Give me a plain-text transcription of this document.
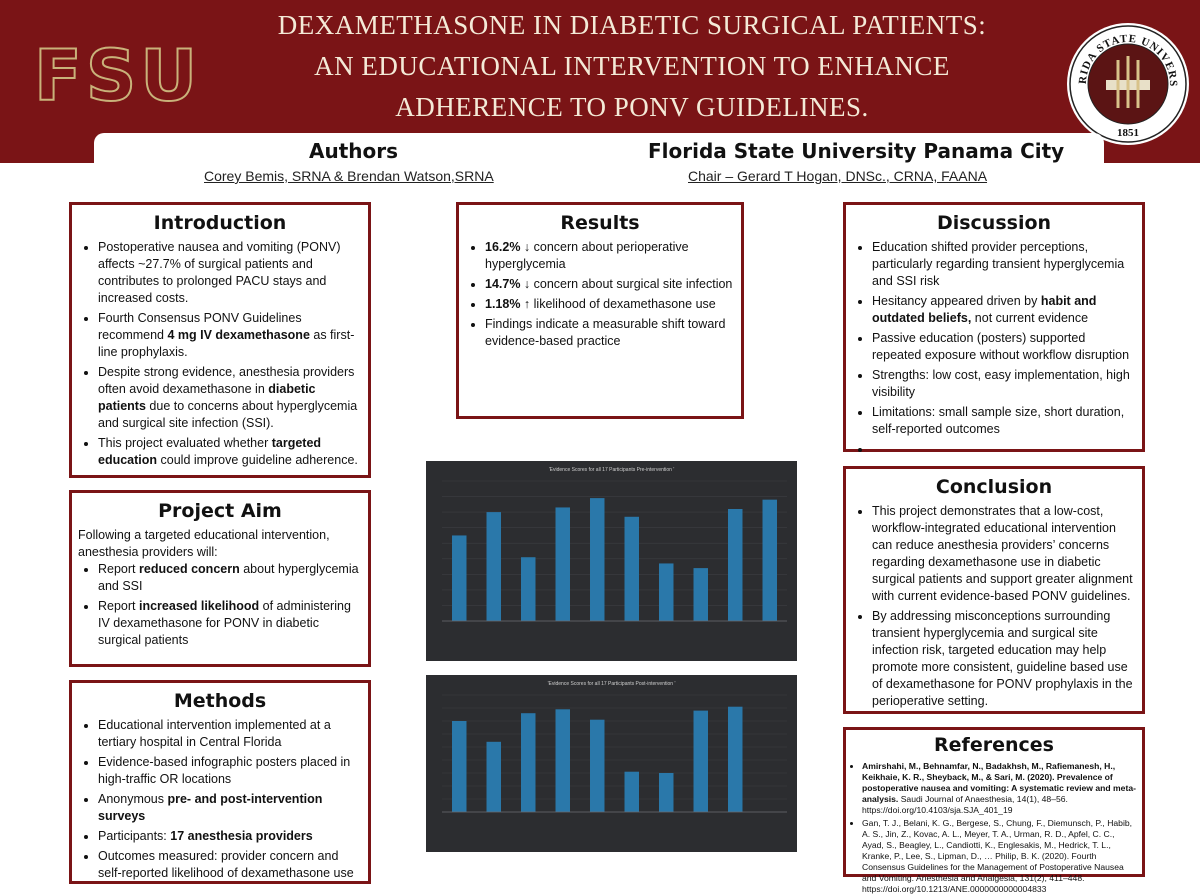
FSU
DEXAMETHASONE IN DIABETIC SURGICAL PATIENTS:
AN EDUCATIONAL INTERVENTION TO ENHANCE
ADHERENCE TO PONV GUIDELINES.
RIDA STATE UNIVERS
1851
Authors
Corey Bemis, SRNA & Brendan Watson,SRNA
Florida State University Panama City
Chair – Gerard T Hogan, DNSc., CRNA, FAANA
Introduction
• Postoperative nausea and vomiting (PONV) affects ~27.7% of surgical patients and contributes to prolonged PACU stays and increased costs.
• Fourth Consensus PONV Guidelines recommend 4 mg IV dexamethasone as first-line prophylaxis.
• Despite strong evidence, anesthesia providers often avoid dexamethasone in diabetic patients due to concerns about hyperglycemia and surgical site infection (SSI).
• This project evaluated whether targeted education could improve guideline adherence.
Project Aim

Following a targeted educational intervention, anesthesia providers will:

• Report reduced concern about hyperglycemia and SSI
• Report increased likelihood of administering IV dexamethasone for PONV in diabetic surgical patients
Methods
• Educational intervention implemented at a tertiary hospital in Central Florida
• Evidence-based infographic posters placed in high-traffic OR locations
• Anonymous pre- and post-intervention surveys
• Participants: 17 anesthesia providers
• Outcomes measured: provider concern and self-reported likelihood of dexamethasone use
Results
• 16.2% ↓ concern about perioperative hyperglycemia
• 14.7% ↓ concern about surgical site infection
• 1.18% ↑ likelihood of dexamethasone use
• Findings indicate a measurable shift toward evidence-based practice
'Evidence Scores for all 17 Participants Pre-intervention '
'Evidence Scores for all 17 Participants Post-intervention '
Discussion
• Education shifted provider perceptions, particularly regarding transient hyperglycemia and SSI risk
• Hesitancy appeared driven by habit and outdated beliefs, not current evidence
• Passive education (posters) supported repeated exposure without workflow disruption
• Strengths: low cost, easy implementation, high visibility
• Limitations: small sample size, short duration, self-reported outcomes
•
Conclusion
• This project demonstrates that a low-cost, workflow-integrated educational intervention can reduce anesthesia providers’ concerns regarding dexamethasone use in diabetic surgical patients and support greater alignment with current evidence-based PONV guidelines.
• By addressing misconceptions surrounding transient hyperglycemia and surgical site infection risk, targeted education may help promote more consistent, guideline based use of dexamethasone for PONV prophylaxis in the perioperative setting.
References
• Amirshahi, M., Behnamfar, N., Badakhsh, M., Rafiemanesh, H., Keikhaie, K. R., Sheyback, M., & Sari, M. (2020). Prevalence of postoperative nausea and vomiting: A systematic review and meta-analysis. Saudi Journal of Anaesthesia, 14(1), 48–56. https://doi.org/10.4103/sja.SJA_401_19
• Gan, T. J., Belani, K. G., Bergese, S., Chung, F., Diemunsch, P., Habib, A. S., Jin, Z., Kovac, A. L., Meyer, T. A., Urman, R. D., Apfel, C. C., Ayad, S., Beagley, L., Candiotti, K., Englesakis, M., Hedrick, T. L., Kranke, P., Lee, S., Lipman, D., … Philip, B. K. (2020). Fourth Consensus Guidelines for the Management of Postoperative Nausea and Vomiting. Anesthesia and Analgesia, 131(2), 411–448. https://doi.org/10.1213/ANE.0000000000004833
